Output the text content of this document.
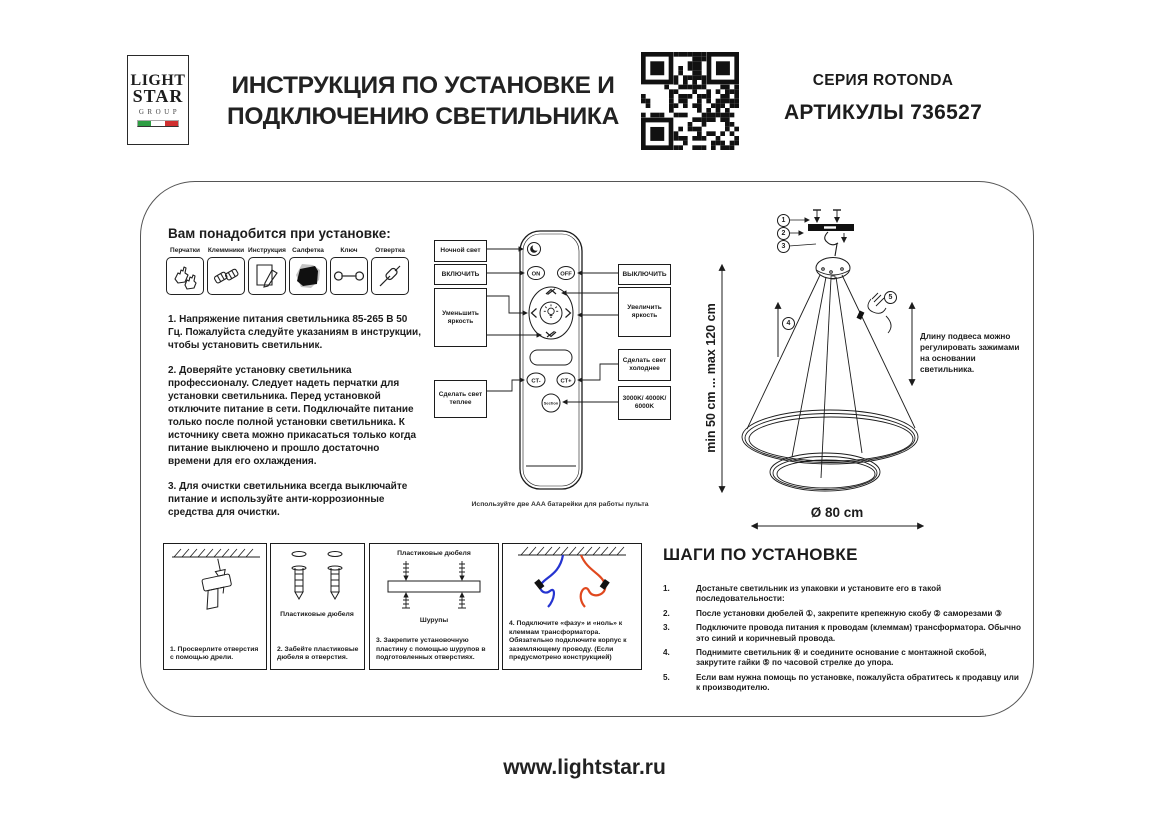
LIGHT
STAR
GROUP
ИНСТРУКЦИЯ ПО УСТАНОВКЕ И
ПОДКЛЮЧЕНИЮ СВЕТИЛЬНИКА
СЕРИЯ ROTONDA
АРТИКУЛЫ 736527
Вам понадобится при установке:
Перчатки Клеммники Инструкция Салфетка	Ключ	Отвертка

1. Напряжение питания светильника 85-265 В 50 Гц. Пожалуйста следуйте указаниям в инструкции, чтобы установить светильник.

2. Доверяйте установку светильника профессионалу. Следует надеть перчатки для установки светильника. Перед установкой отключите питание в сети. Подключайте питание только после полной установки светильника. К источнику света можно прикасаться только когда питание выключено и прошло достаточно времени для его охлаждения.

3. Для очистки светильника всегда выключайте питание и используйте анти-коррозионные средства для очистки.

ON	OFF
CT-	CT+
Section
Ночной свет
ВКЛЮЧИТЬ
Уменьшить яркость
Сделать свет теплее
ВЫКЛЮЧИТЬ
Увеличить яркость
Сделать свет холоднее
3000K/ 4000K/ 6000K
Используйте две AAA батарейки для работы пульта
Ø 80 cm
min 50 cm ... max 120 cm	Длину подвеса можно регулировать зажимами на основании светильника.
1
2
3
4
5
1. Просверлите отверстия с помощью дрели.
Пластиковые дюбеля
2. Забейте пластиковые дюбеля в отверстия.
Пластиковые дюбеля
Шурупы
3. Закрепите установочную пластину с помощью шурупов в подготовленных отверстиях.
4. Подключите «фазу» и «ноль» к клеммам трансформатора. Обязательно подключите корпус к заземляющему проводу. (Если предусмотрено конструкцией)
ШАГИ ПО УСТАНОВКЕ
1.	Достаньте светильник из упаковки и установите его в такой последовательности:
2.	После установки дюбелей ①, закрепите крепежную скобу ② саморезами ③
3.	Подключите провода питания к проводам (клеммам) трансформатора. Обычно это синий и коричневый провода.
4.	Поднимите светильник ④ и соедините основание с монтажной скобой, закрутите гайки ⑤ по часовой стрелке до упора.
5.	Если вам нужна помощь по установке, пожалуйста обратитесь к продавцу или к производителю.
www.lightstar.ru
